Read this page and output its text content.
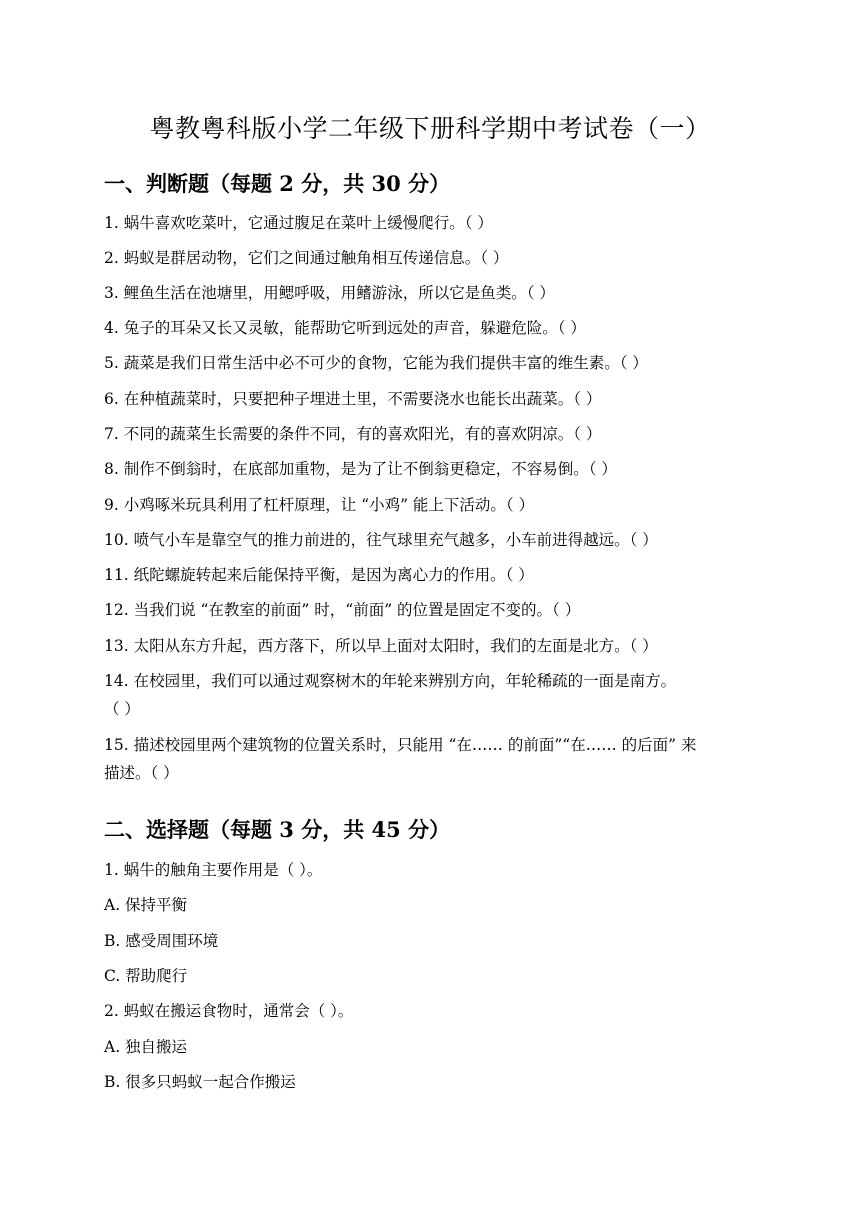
粤教粤科版小学二年级下册科学期中考试卷（一）
一、判断题（每题 2 分，共 30 分）
1. 蜗牛喜欢吃菜叶，它通过腹足在菜叶上缓慢爬行。（ ）
2. 蚂蚁是群居动物，它们之间通过触角相互传递信息。（ ）
3. 鲤鱼生活在池塘里，用鳃呼吸，用鳍游泳，所以它是鱼类。（ ）
4. 兔子的耳朵又长又灵敏，能帮助它听到远处的声音，躲避危险。（ ）
5. 蔬菜是我们日常生活中必不可少的食物，它能为我们提供丰富的维生素。（ ）
6. 在种植蔬菜时，只要把种子埋进土里，不需要浇水也能长出蔬菜。（ ）
7. 不同的蔬菜生长需要的条件不同，有的喜欢阳光，有的喜欢阴凉。（ ）
8. 制作不倒翁时，在底部加重物，是为了让不倒翁更稳定，不容易倒。（ ）
9. 小鸡啄米玩具利用了杠杆原理，让 “小鸡” 能上下活动。（ ）
10. 喷气小车是靠空气的推力前进的，往气球里充气越多，小车前进得越远。（ ）
11. 纸陀螺旋转起来后能保持平衡，是因为离心力的作用。（ ）
12. 当我们说 “在教室的前面” 时，“前面” 的位置是固定不变的。（ ）
13. 太阳从东方升起，西方落下，所以早上面对太阳时，我们的左面是北方。（ ）
14. 在校园里，我们可以通过观察树木的年轮来辨别方向，年轮稀疏的一面是南方。
（ ）
15. 描述校园里两个建筑物的位置关系时，只能用 “在…… 的前面”“在…… 的后面” 来
描述。（ ）
二、选择题（每题 3 分，共 45 分）
1. 蜗牛的触角主要作用是（ ）。
A. 保持平衡
B. 感受周围环境
C. 帮助爬行
2. 蚂蚁在搬运食物时，通常会（ ）。
A. 独自搬运
B. 很多只蚂蚁一起合作搬运
